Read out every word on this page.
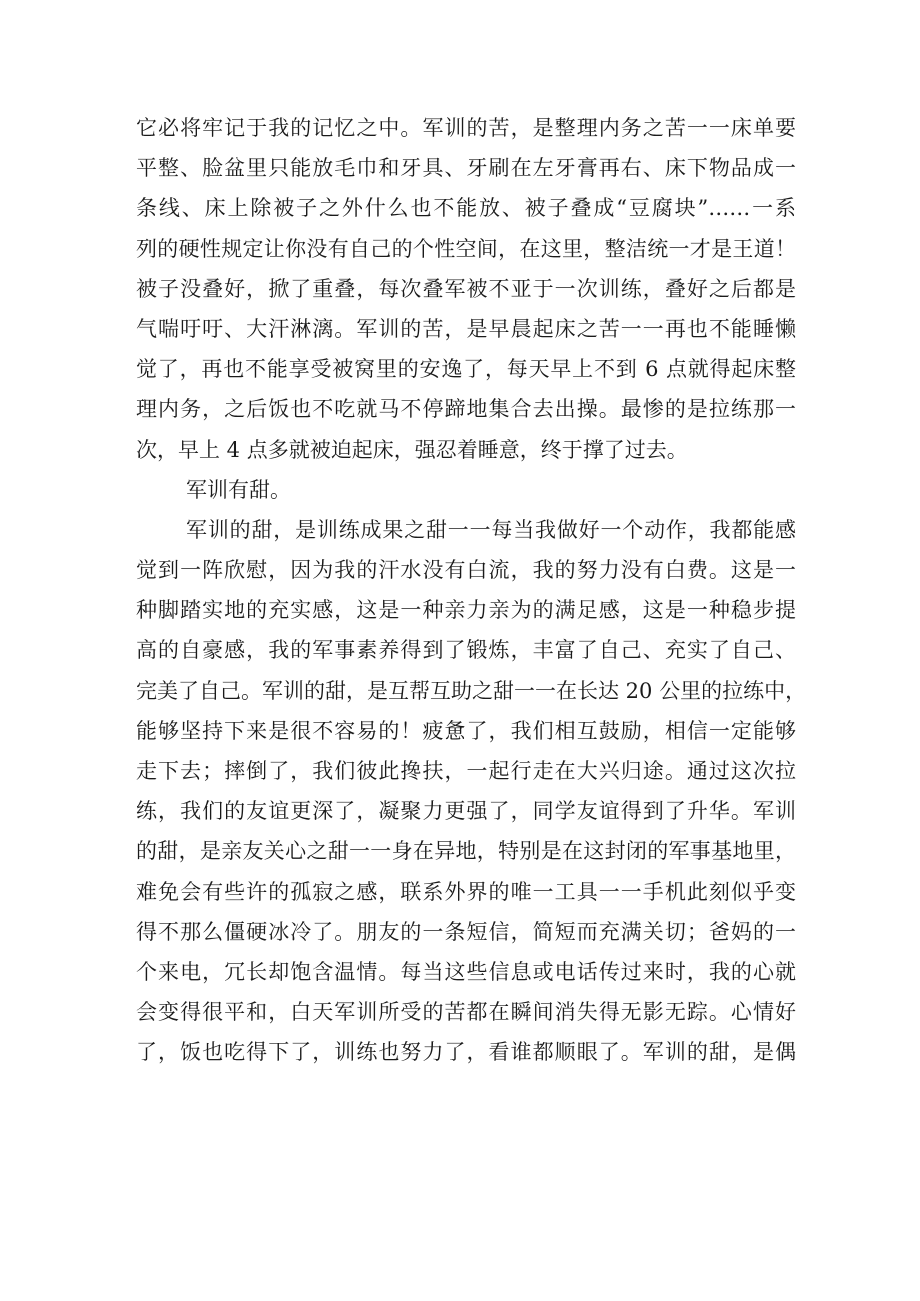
它必将牢记于我的记忆之中。军训的苦，是整理内务之苦一一床单要
平整、脸盆里只能放毛巾和牙具、牙刷在左牙膏再右、床下物品成一
条线、床上除被子之外什么也不能放、被子叠成“豆腐块”……一系
列的硬性规定让你没有自己的个性空间，在这里，整洁统一才是王道！
被子没叠好，掀了重叠，每次叠军被不亚于一次训练，叠好之后都是
气喘吁吁、大汗淋漓。军训的苦，是早晨起床之苦一一再也不能睡懒
觉了，再也不能享受被窝里的安逸了，每天早上不到 6 点就得起床整
理内务，之后饭也不吃就马不停蹄地集合去出操。最惨的是拉练那一
次，早上 4 点多就被迫起床，强忍着睡意，终于撑了过去。
军训有甜。
军训的甜，是训练成果之甜一一每当我做好一个动作，我都能感
觉到一阵欣慰，因为我的汗水没有白流，我的努力没有白费。这是一
种脚踏实地的充实感，这是一种亲力亲为的满足感，这是一种稳步提
高的自豪感，我的军事素养得到了锻炼，丰富了自己、充实了自己、
完美了自己。军训的甜，是互帮互助之甜一一在长达 20 公里的拉练中，
能够坚持下来是很不容易的！疲惫了，我们相互鼓励，相信一定能够
走下去；摔倒了，我们彼此搀扶，一起行走在大兴归途。通过这次拉
练，我们的友谊更深了，凝聚力更强了，同学友谊得到了升华。军训
的甜，是亲友关心之甜一一身在异地，特别是在这封闭的军事基地里，
难免会有些许的孤寂之感，联系外界的唯一工具一一手机此刻似乎变
得不那么僵硬冰冷了。朋友的一条短信，简短而充满关切；爸妈的一
个来电，冗长却饱含温情。每当这些信息或电话传过来时，我的心就
会变得很平和，白天军训所受的苦都在瞬间消失得无影无踪。心情好
了，饭也吃得下了，训练也努力了，看谁都顺眼了。军训的甜，是偶
